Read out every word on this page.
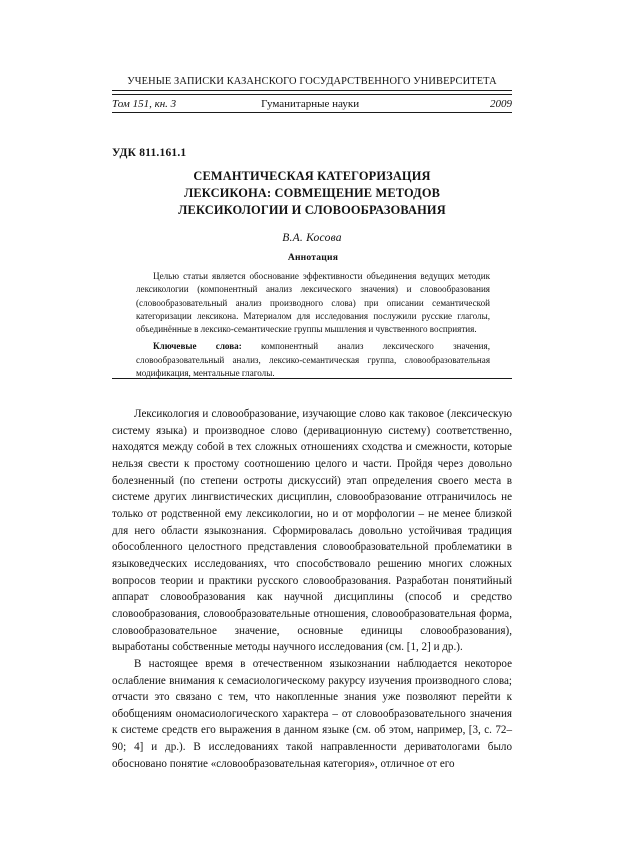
УЧЕНЫЕ ЗАПИСКИ КАЗАНСКОГО ГОСУДАРСТВЕННОГО УНИВЕРСИТЕТА
Том 151, кн. 3	Гуманитарные науки	2009
УДК 811.161.1
СЕМАНТИЧЕСКАЯ КАТЕГОРИЗАЦИЯ
ЛЕКСИКОНА: СОВМЕЩЕНИЕ МЕТОДОВ
ЛЕКСИКОЛОГИИ И СЛОВООБРАЗОВАНИЯ
В.А. Косова
Аннотация

Целью статьи является обоснование эффективности объединения ведущих методик лексикологии (компонентный анализ лексического значения) и словообразования (словообразовательный анализ производного слова) при описании семантической категоризации лексикона. Материалом для исследования послужили русские глаголы, объединённые в лексико-семантические группы мышления и чувственного восприятия.

Ключевые слова: компонентный анализ лексического значения, словообразовательный анализ, лексико-семантическая группа, словообразовательная модификация, ментальные глаголы.

Лексикология и словообразование, изучающие слово как таковое (лексическую систему языка) и производное слово (деривационную систему) соответственно, находятся между собой в тех сложных отношениях сходства и смежности, которые нельзя свести к простому соотношению целого и части. Пройдя через довольно болезненный (по степени остроты дискуссий) этап определения своего места в системе других лингвистических дисциплин, словообразование отграничилось не только от родственной ему лексикологии, но и от морфологии – не менее близкой для него области языкознания. Сформировалась довольно устойчивая традиция обособленного целостного представления словообразовательной проблематики в языковедческих исследованиях, что способствовало решению многих сложных вопросов теории и практики русского словообразования. Разработан понятийный аппарат словообразования как научной дисциплины (способ и средство словообразования, словообразовательные отношения, словообразовательная форма, словообразовательное значение, основные единицы словообразования), выработаны собственные методы научного исследования (см. [1, 2] и др.).

В настоящее время в отечественном языкознании наблюдается некоторое ослабление внимания к семасиологическому ракурсу изучения производного слова; отчасти это связано с тем, что накопленные знания уже позволяют перейти к обобщениям ономасиологического характера – от словообразовательного значения к системе средств его выражения в данном языке (см. об этом, например, [3, с. 72–90; 4] и др.). В исследованиях такой направленности дериватологами было обосновано понятие «словообразовательная категория», отличное от его
